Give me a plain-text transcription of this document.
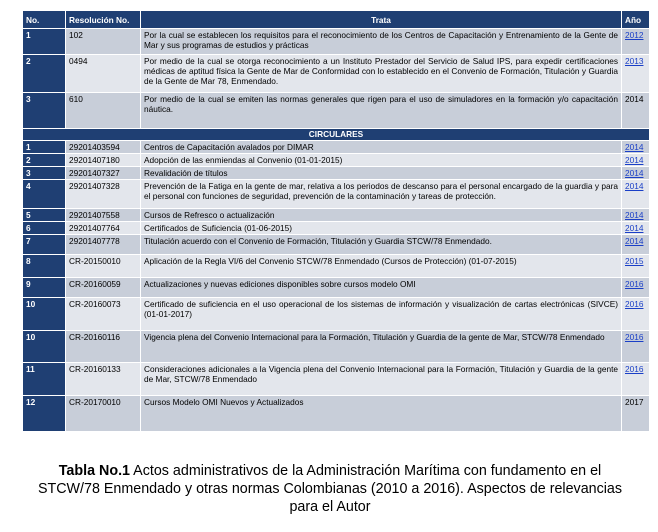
No.	Resolución No.	Trata	Año
1	102	Por la cual se establecen los requisitos para el reconocimiento de los Centros de Capacitación y Entrenamiento de la Gente de Mar y sus programas de estudios y prácticas	2012
2	0494	Por medio de la cual se otorga reconocimiento a un Instituto Prestador del Servicio de Salud IPS, para expedir certificaciones médicas de aptitud física la Gente de Mar de Conformidad con lo establecido en el Convenio de Formación, Titulación y Guardia de la Gente de Mar 78, Enmendado.	2013
3	610	Por medio de la cual se emiten las normas generales que rigen para el uso de simuladores en la formación y/o capacitación náutica.	2014
CIRCULARES			
1	29201403594	Centros de Capacitación avalados por DIMAR	2014
2	29201407180	Adopción de las enmiendas al Convenio (01-01-2015)	2014
3	29201407327	Revalidación de títulos	2014
4	29201407328	Prevención de la Fatiga en la gente de mar, relativa a los periodos de descanso para el personal encargado de la guardia y para el personal con funciones de seguridad, prevención de la contaminación y tareas de protección.	2014
5	29201407558	Cursos de Refresco o actualización	2014
6	29201407764	Certificados de Suficiencia (01-06-2015)	2014
7	29201407778	Titulación acuerdo con el Convenio de Formación, Titulación y Guardia STCW/78 Enmendado.	2014
8	CR-20150010	Aplicación de la Regla VI/6 del Convenio STCW/78 Enmendado (Cursos de Protección) (01-07-2015)	2015
9	CR-20160059	Actualizaciones y nuevas ediciones disponibles sobre cursos modelo OMI	2016
10	CR-20160073	Certificado de suficiencia en el uso operacional de los sistemas de información y visualización de cartas electrónicas (SIVCE) (01-01-2017)	2016
10	CR-20160116	Vigencia plena del Convenio Internacional para la Formación, Titulación y Guardia de la gente de Mar, STCW/78 Enmendado	2016
11	CR-20160133	Consideraciones adicionales a la Vigencia plena del Convenio Internacional para la Formación, Titulación y Guardia de la gente de Mar, STCW/78 Enmendado	2016
12	CR-20170010	Cursos Modelo OMI Nuevos y Actualizados	2017
Tabla No.1 Actos administrativos de la Administración Marítima con fundamento en el STCW/78 Enmendado y otras normas Colombianas (2010 a 2016). Aspectos de relevancias para el Autor
